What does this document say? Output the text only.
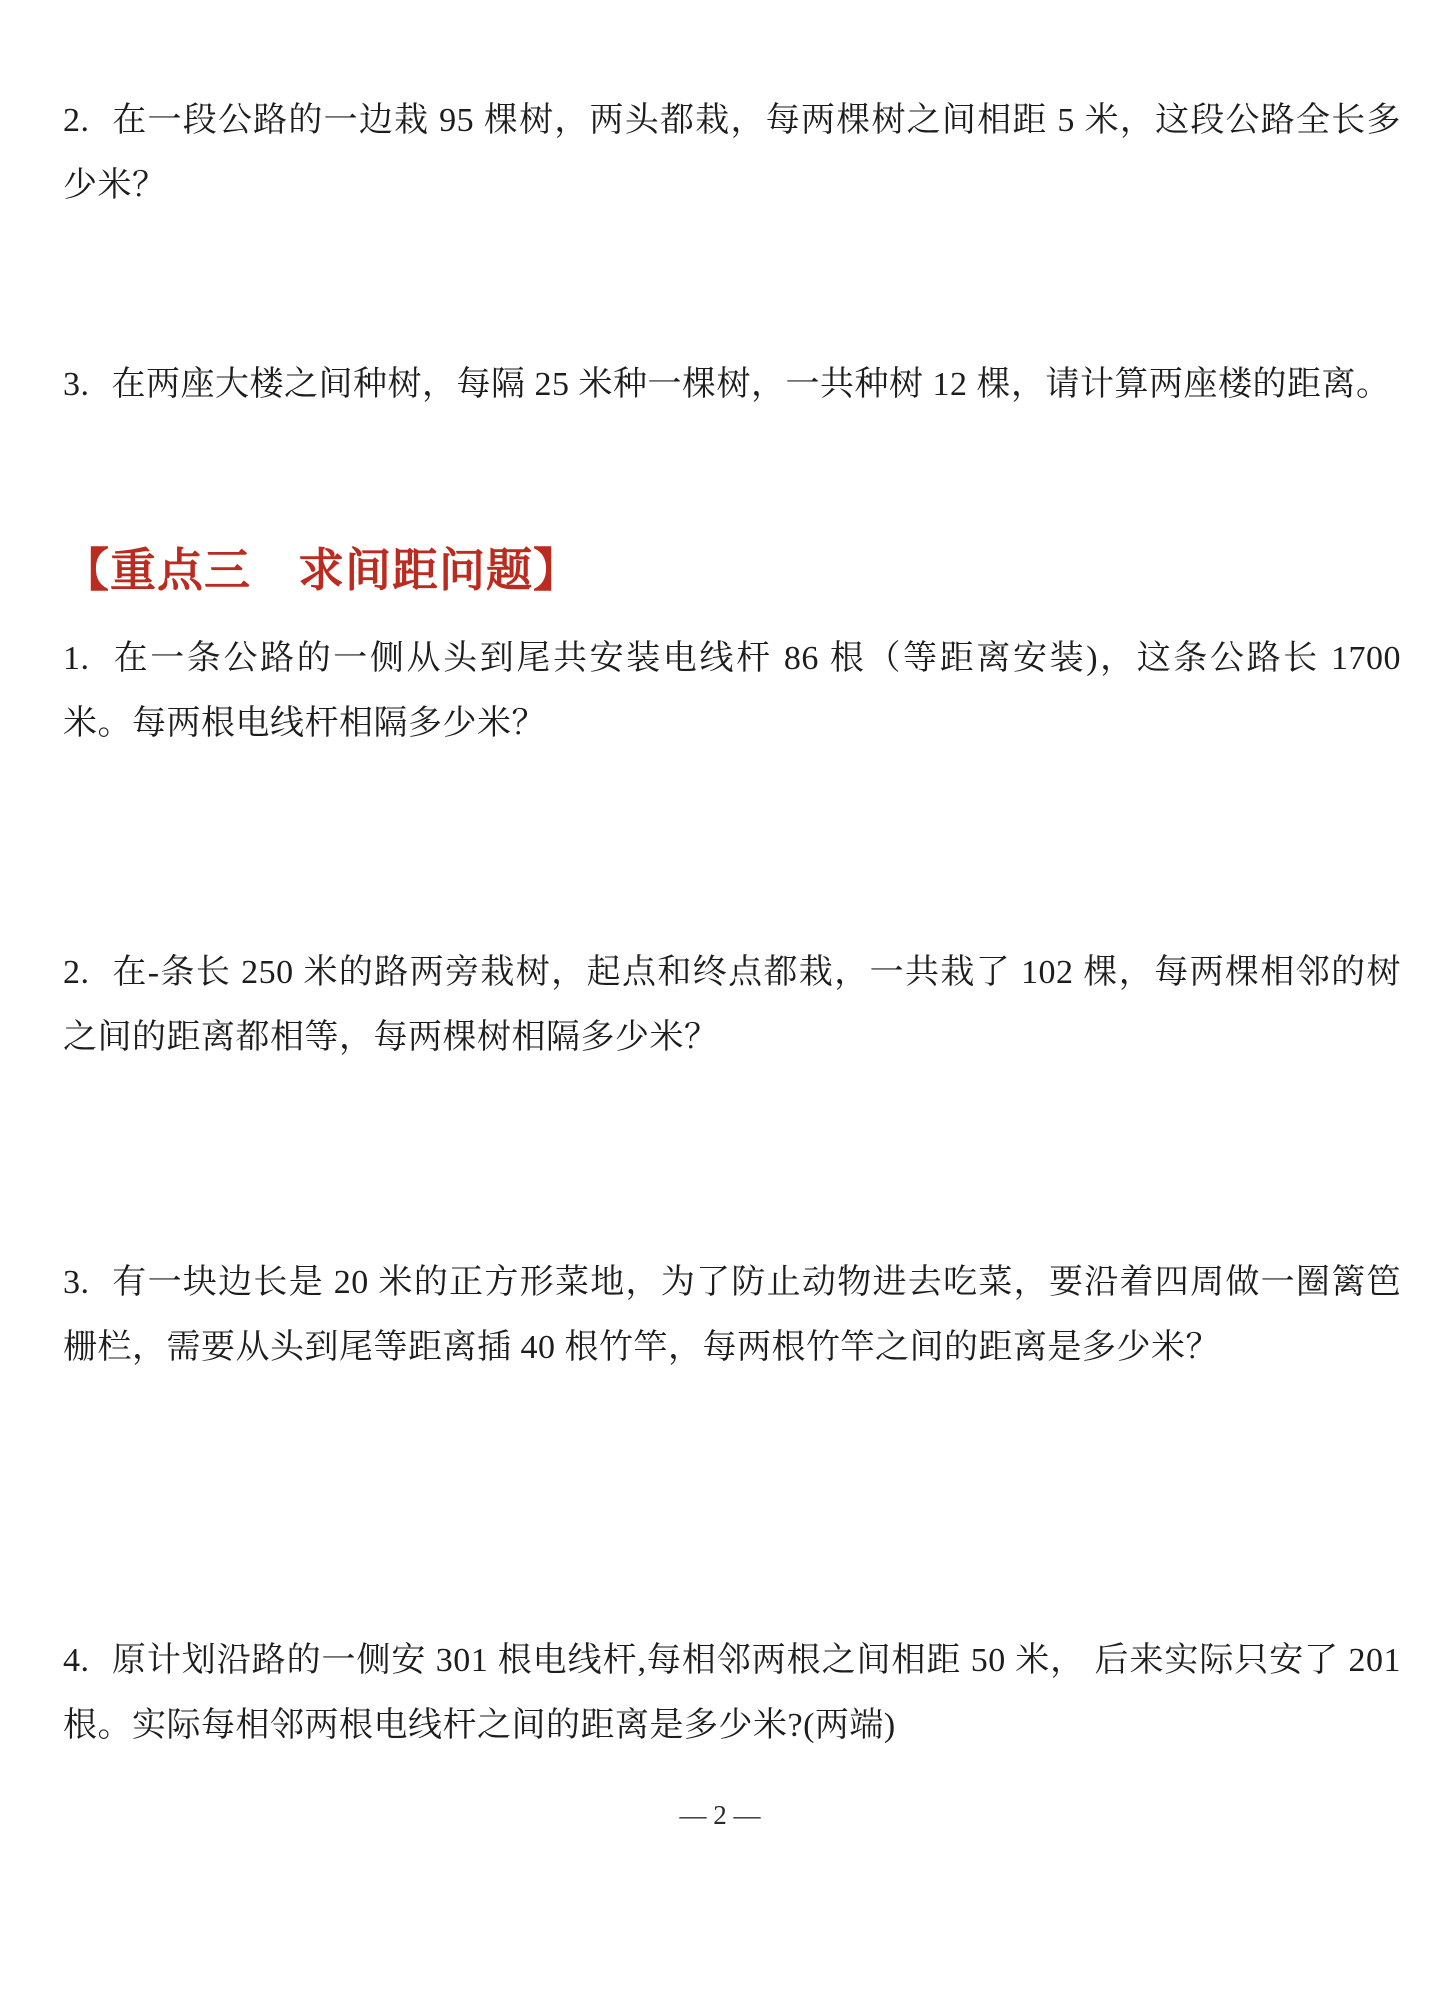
2. 在一段公路的一边栽 95 棵树，两头都栽，每两棵树之间相距 5 米，这段公路全长多少米？
3. 在两座大楼之间种树，每隔 25 米种一棵树，一共种树 12 棵，请计算两座楼的距离。
【重点三　求间距问题】
1. 在一条公路的一侧从头到尾共安装电线杆 86 根（等距离安装)，这条公路长 1700 米。每两根电线杆相隔多少米？
2. 在-条长 250 米的路两旁栽树，起点和终点都栽，一共栽了 102 棵，每两棵相邻的树之间的距离都相等，每两棵树相隔多少米？
3. 有一块边长是 20 米的正方形菜地，为了防止动物进去吃菜，要沿着四周做一圈篱笆栅栏，需要从头到尾等距离插 40 根竹竿，每两根竹竿之间的距离是多少米？
4. 原计划沿路的一侧安 301 根电线杆,每相邻两根之间相距 50 米， 后来实际只安了 201 根。实际每相邻两根电线杆之间的距离是多少米?(两端)
— 2 —
